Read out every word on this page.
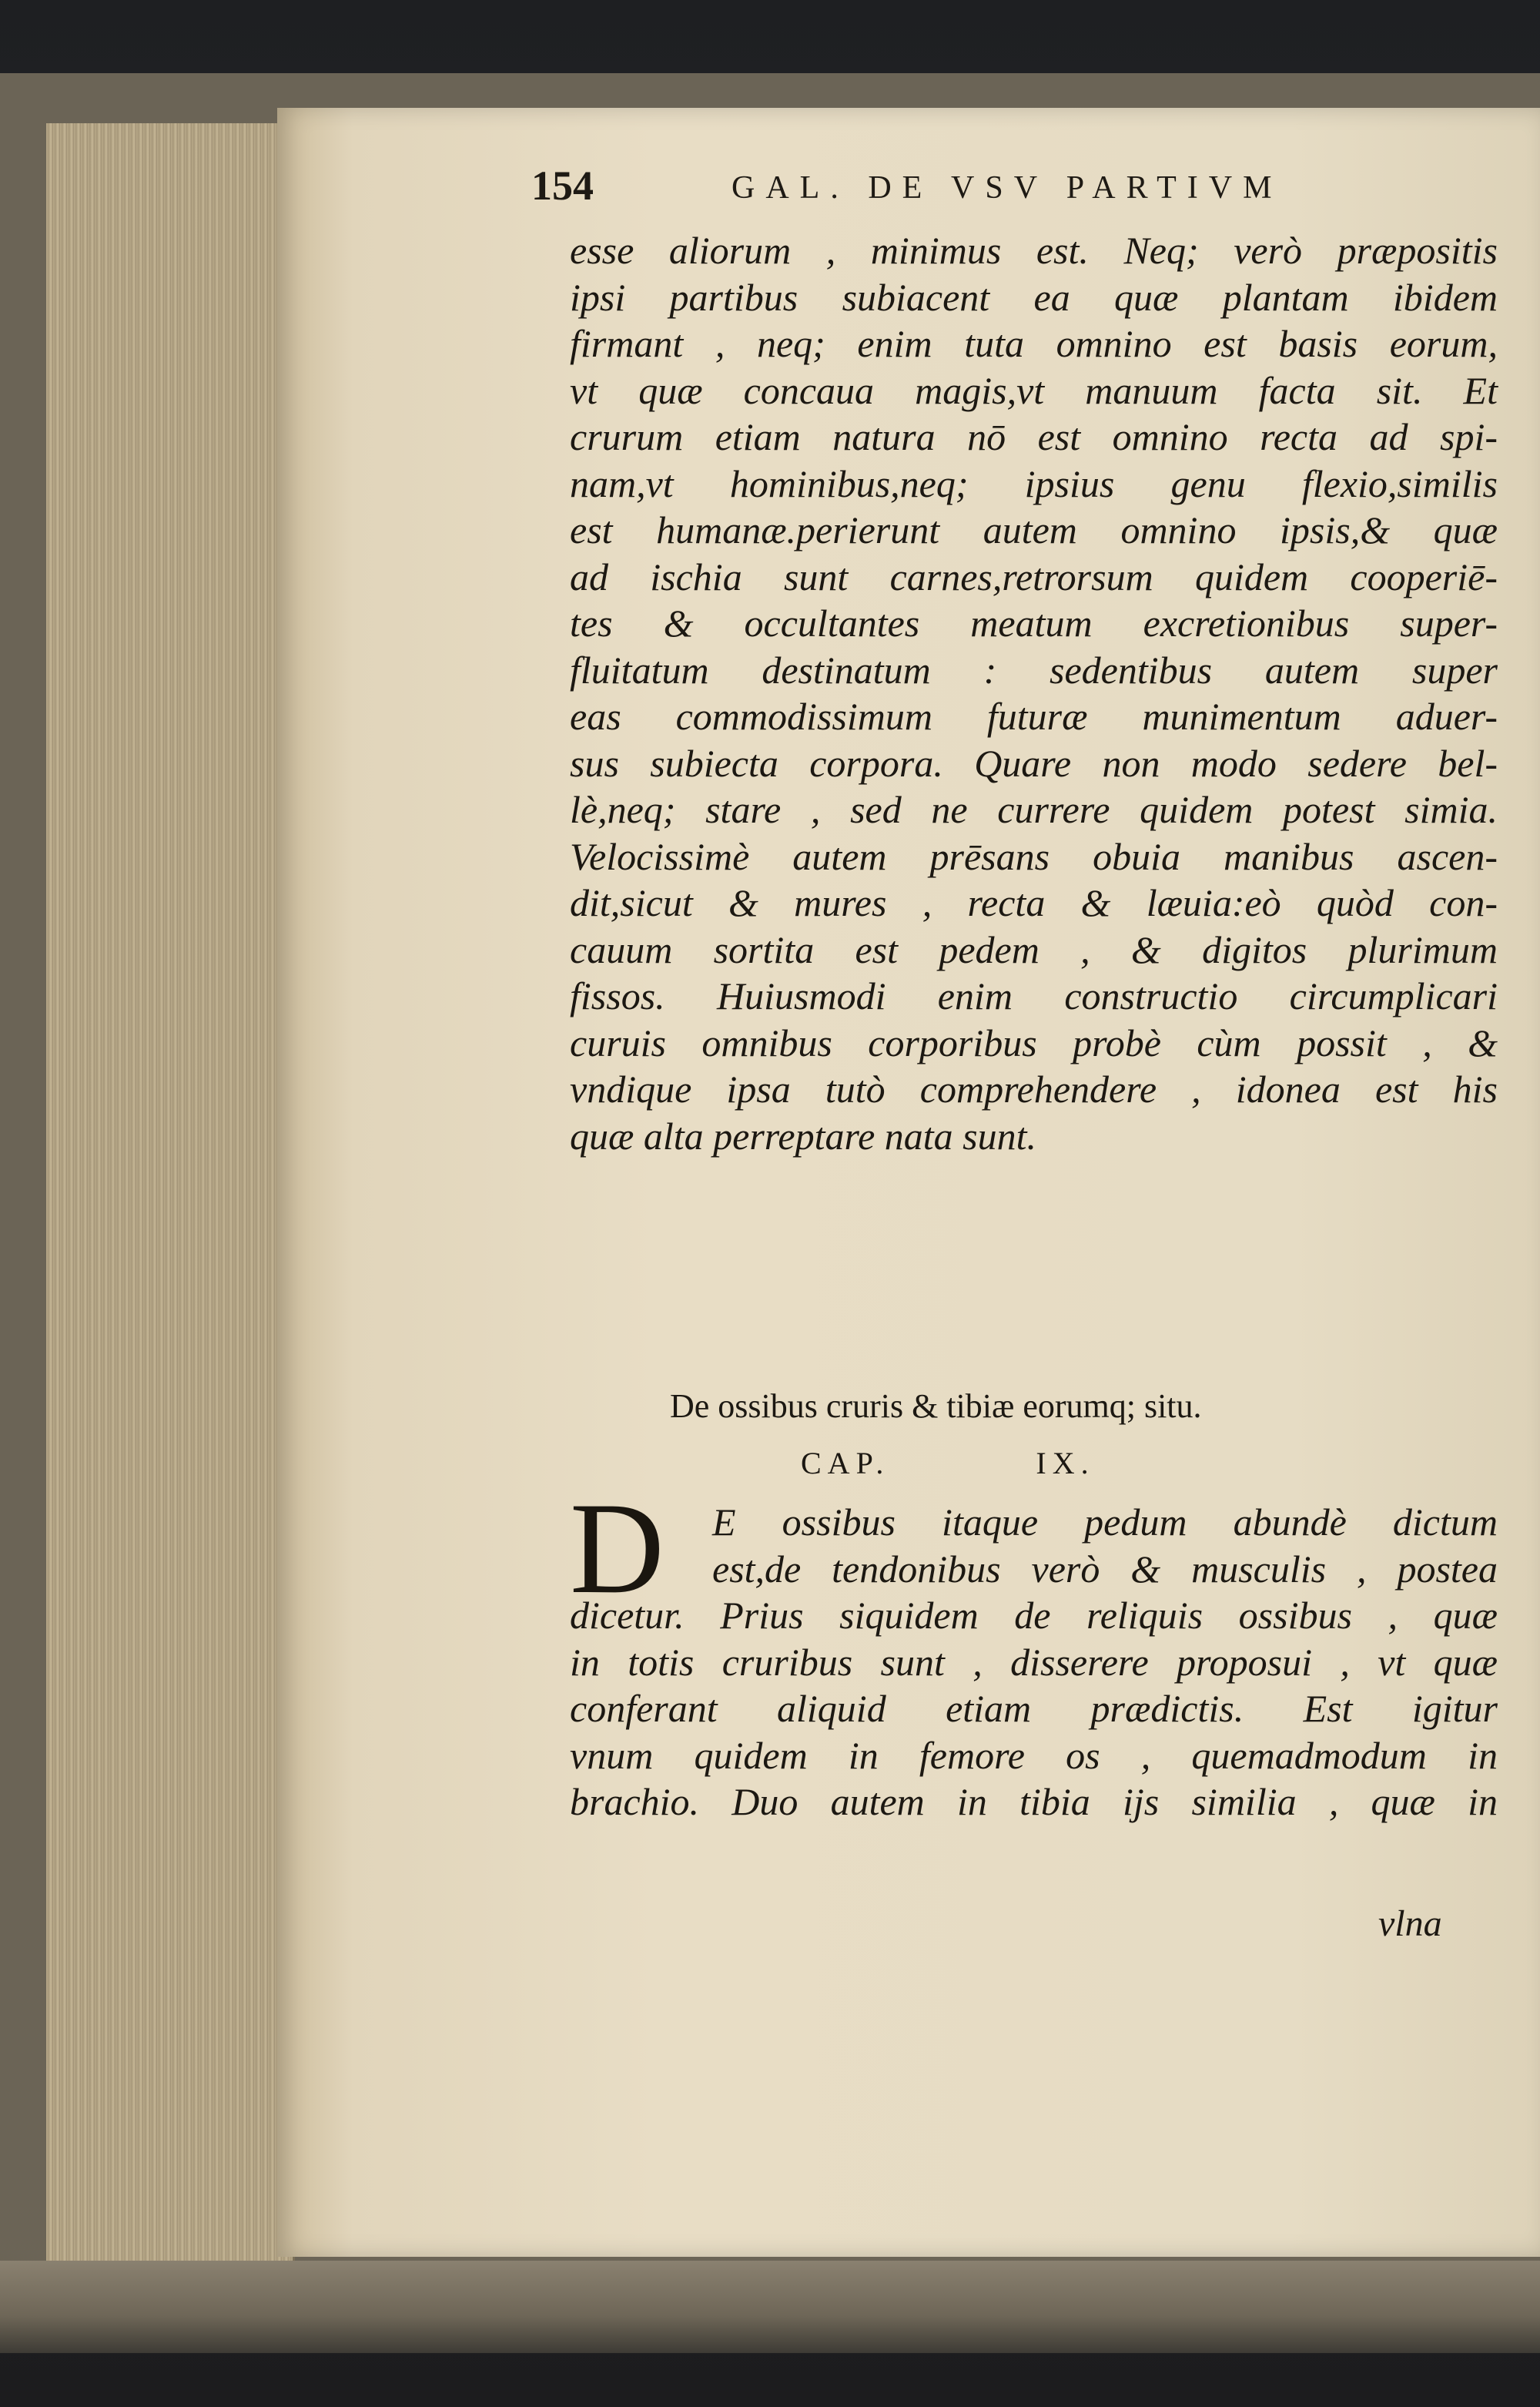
154	GAL. DE VSV PARTIVM
esse aliorum , minimus est. Neq; verò præpositis
ipsi partibus subiacent ea quæ plantam ibidem
firmant , neq; enim tuta omnino est basis eorum,
vt quæ concaua magis,vt manuum facta sit. Et
crurum etiam natura nō est omnino recta ad spi-
nam,vt hominibus,neq; ipsius genu flexio,similis
est humanæ.perierunt autem omnino ipsis,& quæ
ad ischia sunt carnes,retrorsum quidem cooperiē-
tes & occultantes meatum excretionibus super-
fluitatum destinatum : sedentibus autem super
eas commodissimum futuræ munimentum aduer-
sus subiecta corpora. Quare non modo sedere bel-
lè,neq; stare , sed ne currere quidem potest simia.
Velocissimè autem prēsans obuia manibus ascen-
dit,sicut & mures , recta & læuia:eò quòd con-
cauum sortita est pedem , & digitos plurimum
fissos. Huiusmodi enim constructio circumplicari
curuis omnibus corporibus probè cùm possit , &
vndique ipsa tutò comprehendere , idonea est his
quæ alta perreptare nata sunt.
De ossibus cruris & tibiæ eorumq; situ.
CAP.	IX.
D	E ossibus itaque pedum abundè dictum
est,de tendonibus verò & musculis , postea
dicetur. Prius siquidem de reliquis ossibus , quæ
in totis cruribus sunt , disserere proposui , vt quæ
conferant aliquid etiam prædictis. Est igitur
vnum quidem in femore os , quemadmodum in
brachio. Duo autem in tibia ijs similia , quæ in
vlna
